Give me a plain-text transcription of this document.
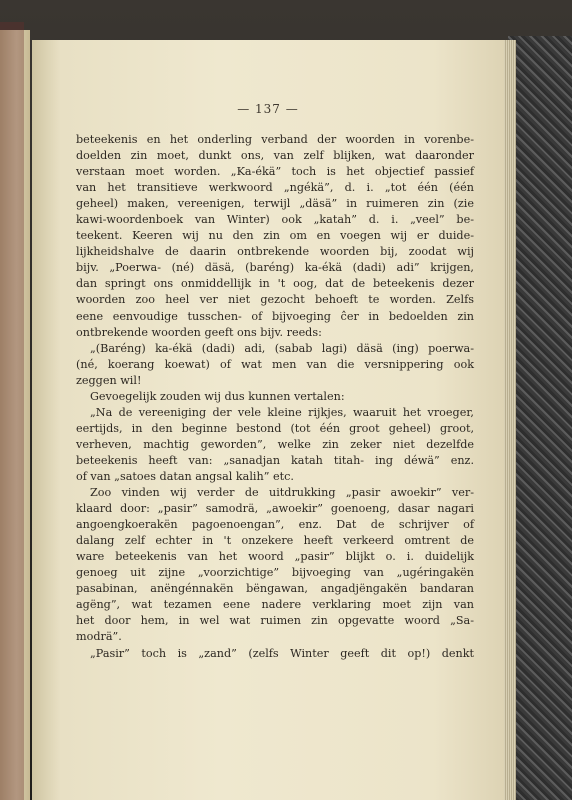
— 137 —
beteekenis en het onderling verband der woorden in vorenbe-
doelden zin moet, dunkt ons, van zelf blijken, wat daaronder
verstaan moet worden. „Ka-ékä” toch is het objectief passief
van het transitieve werkwoord „ngékä”, d. i. „tot één (één
geheel) maken, vereenigen, terwijl „däsä” in ruimeren zin (zie
kawi-woordenboek van Winter) ook „katah” d. i. „veel” be-
teekent. Keeren wij nu den zin om en voegen wij er duide-
lijkheidshalve de daarin ontbrekende woorden bij, zoodat wij
bijv. „Poerwa- (né) däsä, (baréng) ka-ékä (dadi) adi” krijgen,
dan springt ons onmiddellijk in 't oog, dat de beteekenis dezer
woorden zoo heel ver niet gezocht behoeft te worden. Zelfs
eene eenvoudige tusschen- of bijvoeging ĉer in bedoelden zin
ontbrekende woorden geeft ons bijv. reeds:
„(Baréng) ka-ékä (dadi) adi, (sabab lagi) däsä (ing) poerwa-
(né, koerang koewat) of wat men van die versnippering ook
zeggen wil!
Gevoegelijk zouden wij dus kunnen vertalen:
„Na de vereeniging der vele kleine rijkjes, waaruit het vroeger,
eertijds, in den beginne bestond (tot één groot geheel) groot,
verheven, machtig geworden”, welke zin zeker niet dezelfde
beteekenis heeft van: „sanadjan katah titah- ing déwä” enz.
of van „satoes datan angsal kalih” etc.
Zoo vinden wij verder de uitdrukking „pasir awoekir” ver-
klaard door: „pasir” samodrä, „awoekir” goenoeng, dasar nagari
angoengkoerakën pagoenoengan”, enz. Dat de schrijver of
dalang zelf echter in 't onzekere heeft verkeerd omtrent de
ware beteekenis van het woord „pasir” blijkt o. i. duidelijk
genoeg uit zijne „voorzichtige” bijvoeging van „ugéringakën
pasabinan, anëngénnakën bëngawan, angadjëngakën bandaran
agëng”, wat tezamen eene nadere verklaring moet zijn van
het door hem, in wel wat ruimen zin opgevatte woord „Sa-
modrä”.
„Pasir” toch is „zand” (zelfs Winter geeft dit op!) denkt
